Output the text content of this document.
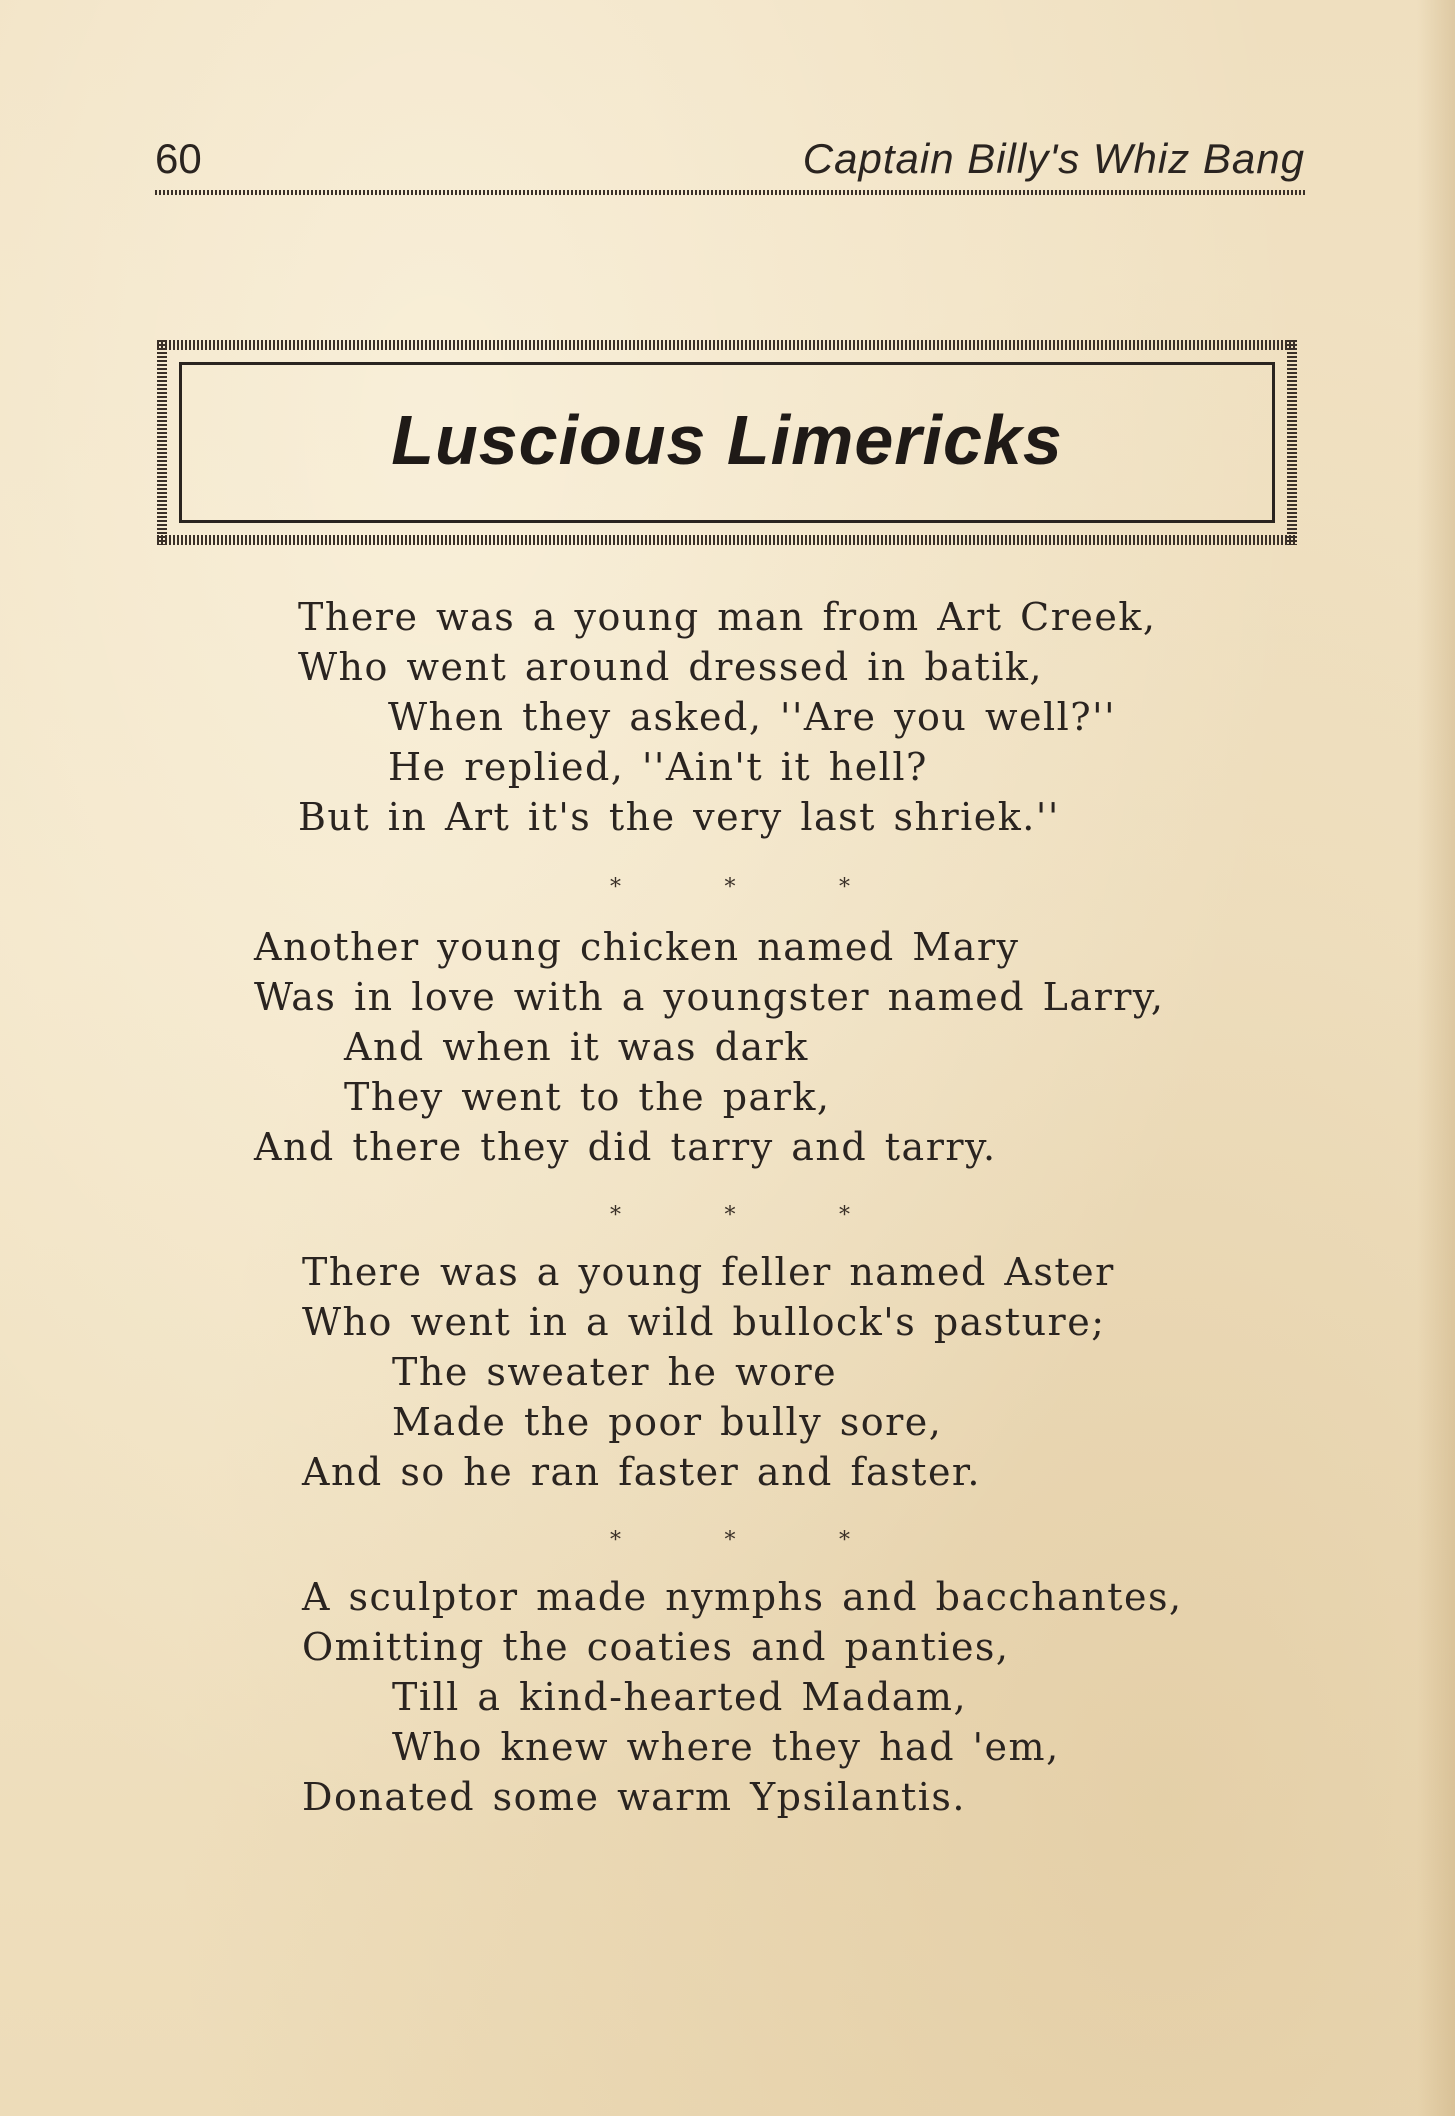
60	Captain Billy's Whiz Bang
Luscious Limericks
There was a young man from Art Creek,
Who went around dressed in batik,
When they asked, ''Are you well?''
He replied, ''Ain't it hell?
But in Art it's the very last shriek.''
*	*	*
Another young chicken named Mary
Was in love with a youngster named Larry,
And when it was dark
They went to the park,
And there they did tarry and tarry.
*	*	*
There was a young feller named Aster
Who went in a wild bullock's pasture;
The sweater he wore
Made the poor bully sore,
And so he ran faster and faster.
*	*	*
A sculptor made nymphs and bacchantes,
Omitting the coaties and panties,
Till a kind-hearted Madam,
Who knew where they had 'em,
Donated some warm Ypsilantis.
